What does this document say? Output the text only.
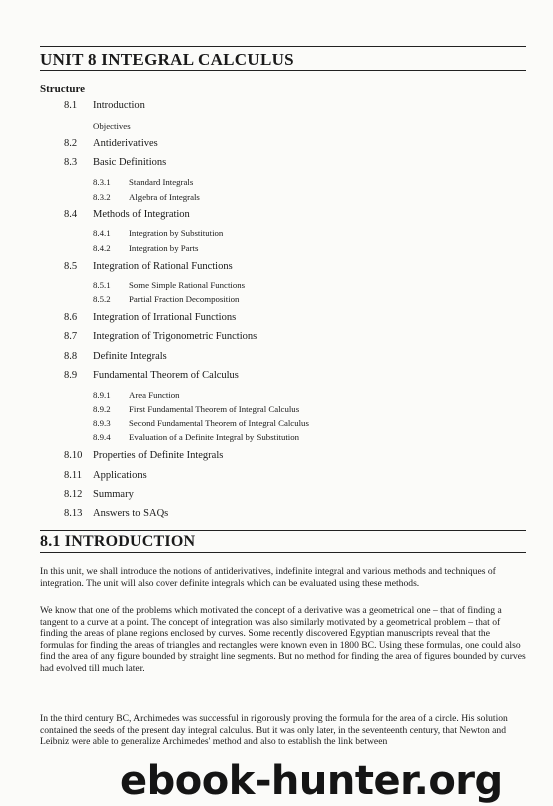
UNIT 8 INTEGRAL CALCULUS
Structure
8.1 Introduction
Objectives
8.2 Antiderivatives
8.3 Basic Definitions
8.3.1 Standard Integrals
8.3.2 Algebra of Integrals
8.4 Methods of Integration
8.4.1 Integration by Substitution
8.4.2 Integration by Parts
8.5 Integration of Rational Functions
8.5.1 Some Simple Rational Functions
8.5.2 Partial Fraction Decomposition
8.6 Integration of Irrational Functions
8.7 Integration of Trigonometric Functions
8.8 Definite Integrals
8.9 Fundamental Theorem of Calculus
8.9.1 Area Function
8.9.2 First Fundamental Theorem of Integral Calculus
8.9.3 Second Fundamental Theorem of Integral Calculus
8.9.4 Evaluation of a Definite Integral by Substitution
8.10 Properties of Definite Integrals
8.11 Applications
8.12 Summary
8.13 Answers to SAQs
8.1 INTRODUCTION

In this unit, we shall introduce the notions of antiderivatives, indefinite integral and various methods and techniques of integration. The unit will also cover definite integrals which can be evaluated using these methods.

We know that one of the problems which motivated the concept of a derivative was a geometrical one – that of finding a tangent to a curve at a point. The concept of integration was also similarly motivated by a geometrical problem – that of finding the areas of plane regions enclosed by curves. Some recently discovered Egyptian manuscripts reveal that the formulas for finding the areas of triangles and rectangles were known even in 1800 BC. Using these formulas, one could also find the area of any figure bounded by straight line segments. But no method for finding the area of figures bounded by curves had evolved till much later.

In the third century BC, Archimedes was successful in rigorously proving the formula for the area of a circle. His solution contained the seeds of the present day integral calculus. But it was only later, in the seventeenth century, that Newton and Leibniz were able to generalize Archimedes' method and also to establish the link between

ebook-hunter.org
